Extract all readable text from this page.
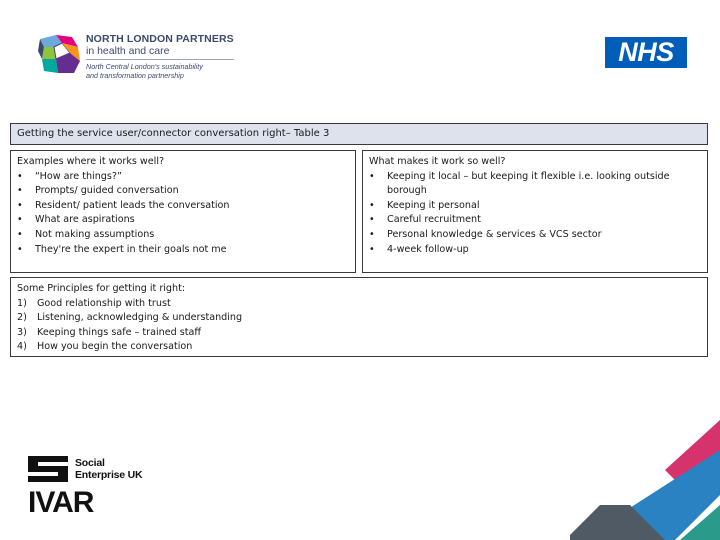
NORTH LONDON PARTNERS
in health and care
North Central London's sustainability
and transformation partnership
NHS
Getting the service user/connector conversation right– Table 3
Examples where it works well?
• “How are things?”
• Prompts/ guided conversation
• Resident/ patient leads the conversation
• What are aspirations
• Not making assumptions
• They're the expert in their goals not me
What makes it work so well?
• Keeping it local – but keeping it flexible i.e. looking outside borough
• Keeping it personal
• Careful recruitment
• Personal knowledge & services & VCS sector
• 4-week follow-up
Some Principles for getting it right:
1) Good relationship with trust
2) Listening, acknowledging & understanding
3) Keeping things safe – trained staff
4) How you begin the conversation
Social
Enterprise UK
IVAR
